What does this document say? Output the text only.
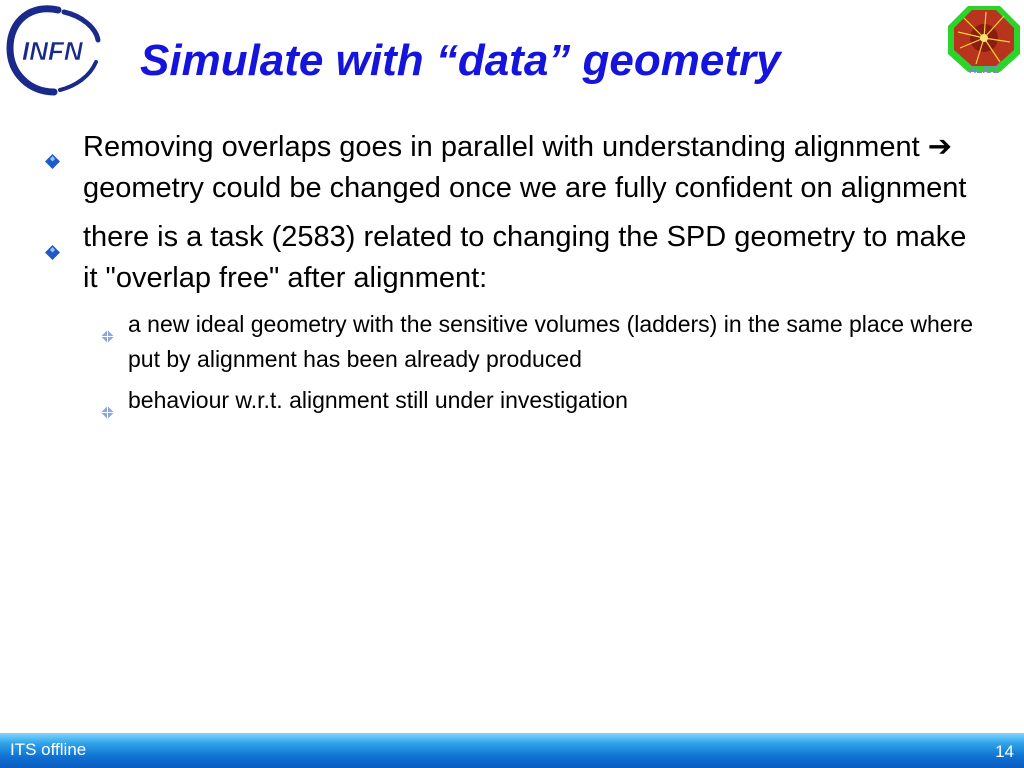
INFN
ALICE
Simulate with “data” geometry
Removing overlaps goes in parallel with understanding alignment ➔ geometry could be changed once we are fully confident on alignment
there is a task (2583) related to changing the SPD geometry to make it "overlap free" after alignment:
a new ideal geometry with the sensitive volumes (ladders) in the same place where put by alignment has been already produced
behaviour w.r.t. alignment still under investigation
ITS offline	14
